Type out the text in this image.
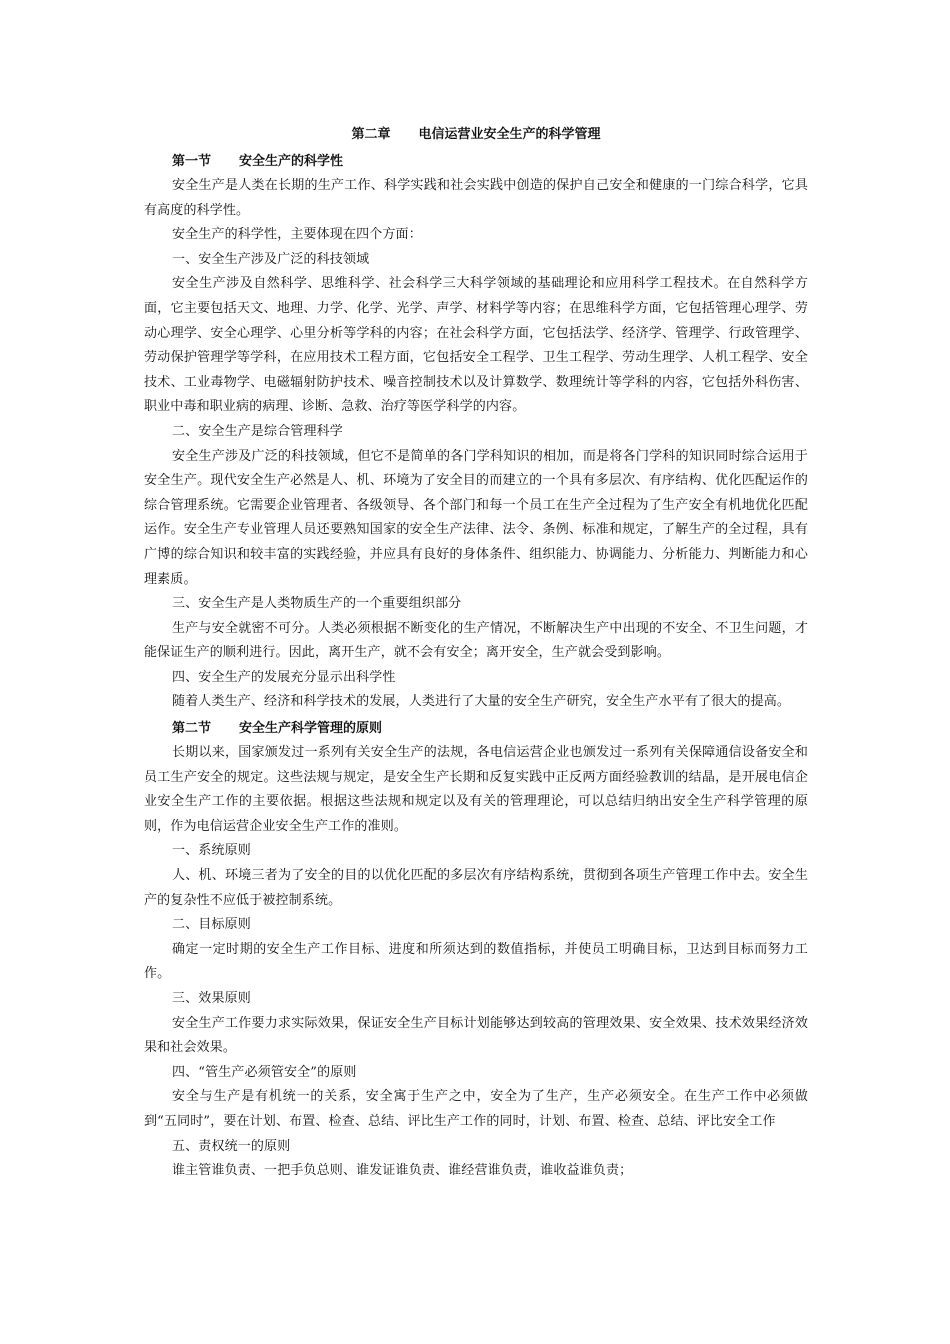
第二章 电信运营业安全生产的科学管理
第一节 安全生产的科学性

安全生产是人类在长期的生产工作、科学实践和社会实践中创造的保护自己安全和健康的一门综合科学，它具有高度的科学性。

安全生产的科学性，主要体现在四个方面：

一、安全生产涉及广泛的科技领域

安全生产涉及自然科学、思维科学、社会科学三大科学领域的基础理论和应用科学工程技术。在自然科学方面，它主要包括天文、地理、力学、化学、光学、声学、材料学等内容；在思维科学方面，它包括管理心理学、劳动心理学、安全心理学、心里分析等学科的内容；在社会科学方面，它包括法学、经济学、管理学、行政管理学、劳动保护管理学等学科，在应用技术工程方面，它包括安全工程学、卫生工程学、劳动生理学、人机工程学、安全技术、工业毒物学、电磁辐射防护技术、噪音控制技术以及计算数学、数理统计等学科的内容，它包括外科伤害、职业中毒和职业病的病理、诊断、急救、治疗等医学科学的内容。

二、安全生产是综合管理科学

安全生产涉及广泛的科技领域，但它不是简单的各门学科知识的相加，而是将各门学科的知识同时综合运用于安全生产。现代安全生产必然是人、机、环境为了安全目的而建立的一个具有多层次、有序结构、优化匹配运作的综合管理系统。它需要企业管理者、各级领导、各个部门和每一个员工在生产全过程为了生产安全有机地优化匹配运作。安全生产专业管理人员还要熟知国家的安全生产法律、法令、条例、标准和规定，了解生产的全过程，具有广博的综合知识和较丰富的实践经验，并应具有良好的身体条件、组织能力、协调能力、分析能力、判断能力和心理素质。

三、安全生产是人类物质生产的一个重要组织部分

生产与安全就密不可分。人类必须根据不断变化的生产情况，不断解决生产中出现的不安全、不卫生问题，才能保证生产的顺利进行。因此，离开生产，就不会有安全；离开安全，生产就会受到影响。

四、安全生产的发展充分显示出科学性

随着人类生产、经济和科学技术的发展，人类进行了大量的安全生产研究，安全生产水平有了很大的提高。

第二节 安全生产科学管理的原则

长期以来，国家颁发过一系列有关安全生产的法规，各电信运营企业也颁发过一系列有关保障通信设备安全和员工生产安全的规定。这些法规与规定，是安全生产长期和反复实践中正反两方面经验教训的结晶，是开展电信企业安全生产工作的主要依据。根据这些法规和规定以及有关的管理理论，可以总结归纳出安全生产科学管理的原则，作为电信运营企业安全生产工作的准则。

一、系统原则

人、机、环境三者为了安全的目的以优化匹配的多层次有序结构系统，贯彻到各项生产管理工作中去。安全生产的复杂性不应低于被控制系统。

二、目标原则

确定一定时期的安全生产工作目标、进度和所须达到的数值指标，并使员工明确目标，卫达到目标而努力工作。

三、效果原则

安全生产工作要力求实际效果，保证安全生产目标计划能够达到较高的管理效果、安全效果、技术效果经济效果和社会效果。

四、“管生产必须管安全”的原则

安全与生产是有机统一的关系，安全寓于生产之中，安全为了生产，生产必须安全。在生产工作中必须做到“五同时”，要在计划、布置、检查、总结、评比生产工作的同时，计划、布置、检查、总结、评比安全工作

五、责权统一的原则

谁主管谁负责、一把手负总则、谁发证谁负责、谁经营谁负责，谁收益谁负责；
